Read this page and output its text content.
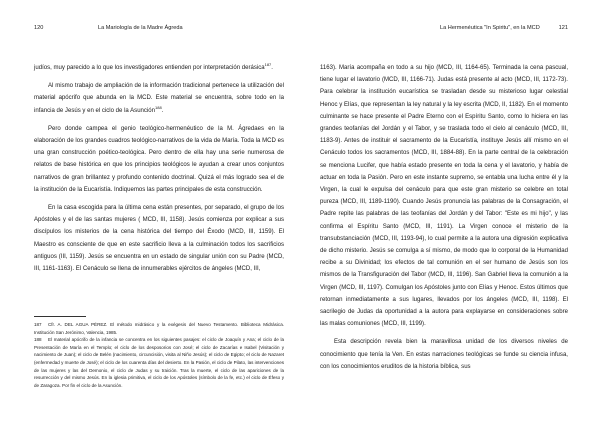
120	La Mariología de la Madre Ágreda

judíos, muy parecido a lo que los investigadores entienden por interpretación derásica$^{187}$.

Al mismo trabajo de ampliación de la información tradicional pertenece la utilización del material apócrifo que abunda en la MCD. Este material se encuentra, sobre todo en la infancia de Jesús y en el ciclo de la Asunción$^{188}$.

Pero donde campea el genio teológico-hermenéutico de la M. Ágredaes en la elaboración de los grandes cuadros teológico-narrativos de la vida de María. Toda la MCD es una gran construcción poético-teológica. Pero dentro de ella hay una serie numerosa de relatos de base histórica en que los principios teológicos le ayudan a crear unos conjuntos narrativos de gran brillantez y profundo contenido doctrinal. Quizá el más logrado sea el de la institución de la Eucaristía. Indiquemos las partes principales de esta construcción.

En la casa escogida para la última cena están presentes, por separado, el grupo de los Apóstoles y el de las santas mujeres ( MCD, III, 1158). Jesús comienza por explicar a sus discípulos los misterios de la cena histórica del tiempo del Éxodo (MCD, III, 1159). El Maestro es consciente de que en este sacrificio lleva a la culminación todos los sacrificios antiguos (III, 1159). Jesús se encuentra en un estado de singular unión con su Padre (MCD, III, 1161-1163). El Cenáculo se llena de innumerables ejércitos de ángeles (MCD, III,

187 Cfr. A. DEL AGUA PÉREZ. El método midrásico y la exégesis del Nuevo Testamento. Biblioteca Midrásica. Institución San Jerónimo, Valencia, 1985.

188 El material apócrifo de la infancia se concentra en los siguientes pasajes: el ciclo de Joaquín y Ana; el ciclo de la Presentación de María en el Templo; el ciclo de los desposorios con José; el ciclo de Zacarías e Isabel (Visitación y nacimiento de Juan); el ciclo de Belén (nacimiento, circuncisión, visita al Niño Jesús); el ciclo de Egipto; el ciclo de Nazaret (enfermedad y muerte de José); el ciclo de los cuarenta días del desierto. En la Pasión, el ciclo de Pilato, las intervenciones de las mujeres y las del Demonio, el ciclo de Judas y su traición. Tras la muerte, el ciclo de las apariciones de la resurrección y del mismo Jesús. En la iglesia primitiva, el ciclo de los Apóstoles (símbolo de la fe, etc.) el ciclo de Éfeso y de Zaragoza. Por fin el ciclo de la Asunción.

La Hermenéutica "In Spiritu", en la MCD	121

1163). María acompaña en todo a su hijo (MCD, III, 1164-65). Terminada la cena pascual, tiene lugar el lavatorio (MCD, III, 1166-71). Judas está presente al acto (MCD, III, 1172-73). Para celebrar la institución eucarística se trasladan desde su misterioso lugar celestial Henoc y Elías, que representan la ley natural y la ley escrita (MCD, II, 1182). En el momento culminante se hace presente el Padre Eterno con el Espíritu Santo, como lo hiciera en las grandes teofanías del Jordán y el Tabor, y se traslada todo el cielo al cenáculo (MCD, III, 1183-9). Antes de instituir el sacramento de la Eucaristía, instituye Jesús allí mismo en el Cenáculo todos los sacramentos (MCD, III, 1884-88). En la parte central de la celebración se menciona Lucifer, que había estado presente en toda la cena y el lavatorio, y había de actuar en toda la Pasión. Pero en este instante supremo, se entabla una lucha entre él y la Virgen, la cual le expulsa del cenáculo para que este gran misterio se celebre en total pureza (MCD, III, 1189-1190). Cuando Jesús pronuncia las palabras de la Consagración, el Padre repite las palabras de las teofanías del Jordán y del Tabor: "Este es mi hijo", y las confirma el Espíritu Santo (MCD, III, 1191). La Virgen conoce el misterio de la transubstanciación (MCD, III, 1193-94), lo cual permite a la autora una digresión explicativa de dicho misterio. Jesús se comulga a sí mismo, de modo que lo corporal de la Humanidad recibe a su Divinidad; los efectos de tal comunión en el ser humano de Jesús son los mismos de la Transfiguración del Tabor (MCD, III, 1196). San Gabriel lleva la comunión a la Virgen (MCD, III, 1197). Comulgan los Apóstoles junto con Elías y Henoc. Estos últimos que retornan inmediatamente a sus lugares, llevados por los ángeles (MCD, III, 1198). El sacrilegio de Judas da oportunidad a la autora para explayarse en consideraciones sobre las malas comuniones (MCD, III, 1199).

Esta descripción revela bien la maravillosa unidad de los diversos niveles de conocimiento que tenía la Ven. En estas narraciones teológicas se funde su ciencia infusa, con los conocimientos eruditos de la historia bíblica, sus
